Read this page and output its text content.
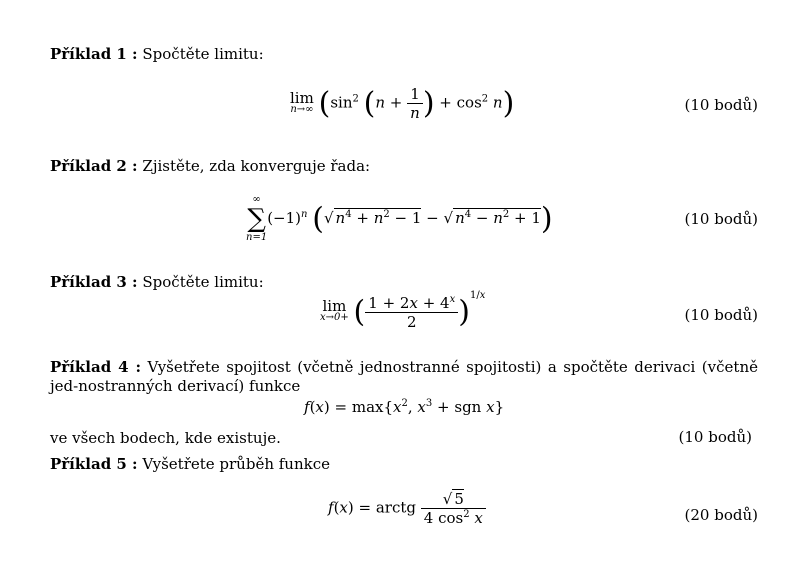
Příklad 1 : Spočtěte limitu:
lim
n→∞ ($\sin^2$ ($n + \frac{1}{n}$ ) + $\cos^2 n$)	(10 bodů)
Příklad 2 : Zjistěte, zda konverguje řada:
∞
∑
n=1
$(-1)^n$ (√ $n^4 + n^2 - 1$ − √ $n^4 - n^2 + 1$)	(10 bodů)
Příklad 3 : Spočtěte limitu:
lim
x→0+ ( $\frac{1 + 2x + 4^x}{2} )^{1/x}$
(10 bodů)
Příklad 4 : Vyšetřete spojitost (včetně jednostranné spojitosti) a spočtěte derivaci (včetně jed-nostranných derivací) funkce
$f(x) = \max\{x^2$, $x^3$ + sgn x}
ve všech bodech, kde existuje.	(10 bodů)
Příklad 5 : Vyšetřete průběh funkce
f(x) = arctg $\frac{√ 5}{4 \cos^2 x}$	(20 bodů)
